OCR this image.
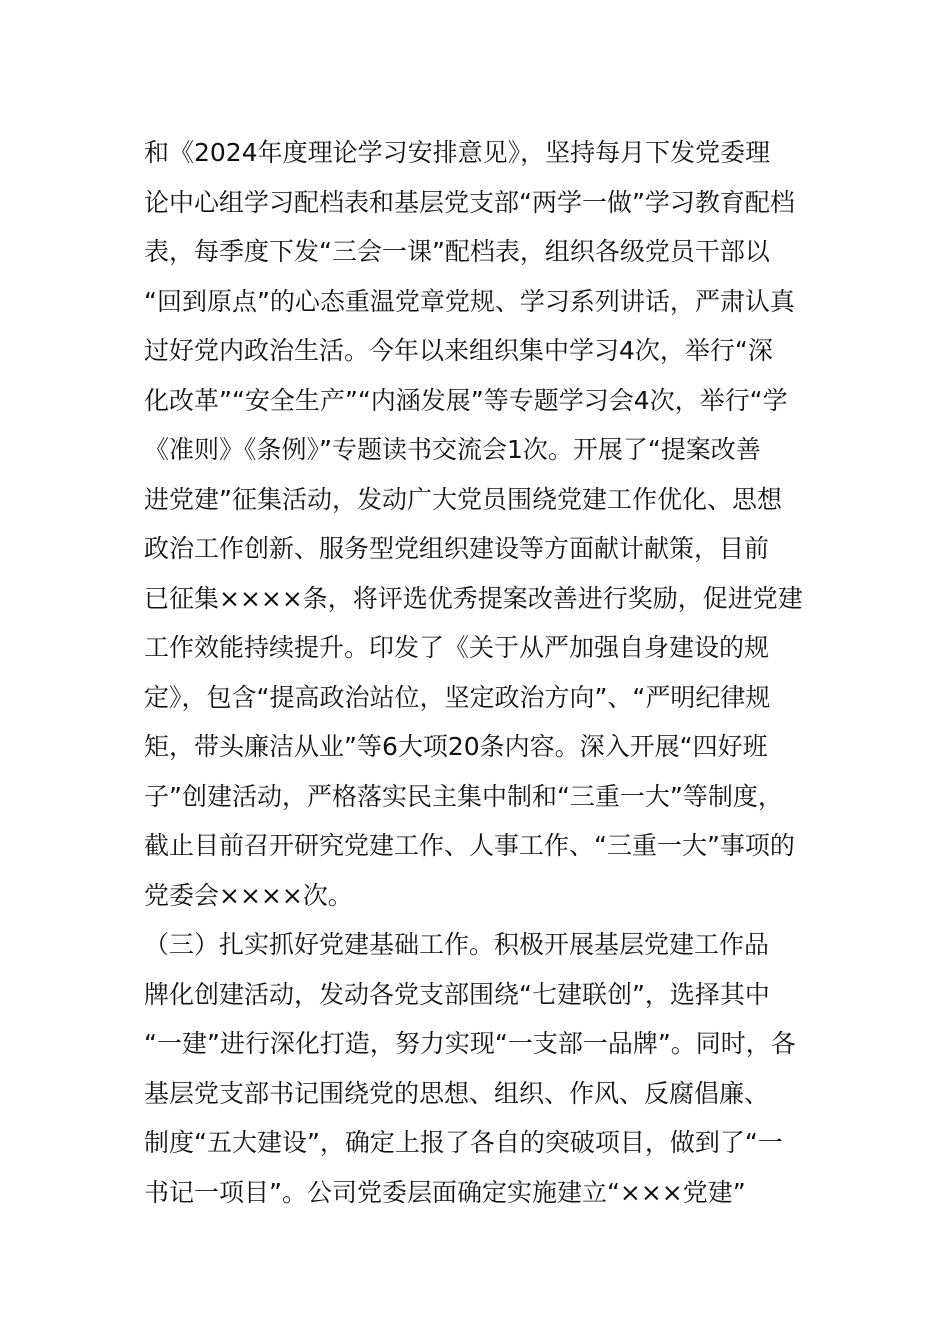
和《2024年度理论学习安排意见》，坚持每月下发党委理
论中心组学习配档表和基层党支部“两学一做”学习教育配档
表，每季度下发“三会一课”配档表，组织各级党员干部以
“回到原点”的心态重温党章党规、学习系列讲话，严肃认真
过好党内政治生活。今年以来组织集中学习4次，举行“深
化改革”“安全生产”“内涵发展”等专题学习会4次，举行“学
《准则》《条例》”专题读书交流会1次。开展了“提案改善
进党建”征集活动，发动广大党员围绕党建工作优化、思想
政治工作创新、服务型党组织建设等方面献计献策，目前
已征集××××条，将评选优秀提案改善进行奖励，促进党建
工作效能持续提升。印发了《关于从严加强自身建设的规
定》，包含“提高政治站位，坚定政治方向”、“严明纪律规
矩，带头廉洁从业”等6大项20条内容。深入开展“四好班
子”创建活动，严格落实民主集中制和“三重一大”等制度，
截止目前召开研究党建工作、人事工作、“三重一大”事项的
党委会××××次。
（三）扎实抓好党建基础工作。积极开展基层党建工作品
牌化创建活动，发动各党支部围绕“七建联创”，选择其中
“一建”进行深化打造，努力实现“一支部一品牌”。同时，各
基层党支部书记围绕党的思想、组织、作风、反腐倡廉、
制度“五大建设”，确定上报了各自的突破项目，做到了“一
书记一项目”。公司党委层面确定实施建立“×××党建”
